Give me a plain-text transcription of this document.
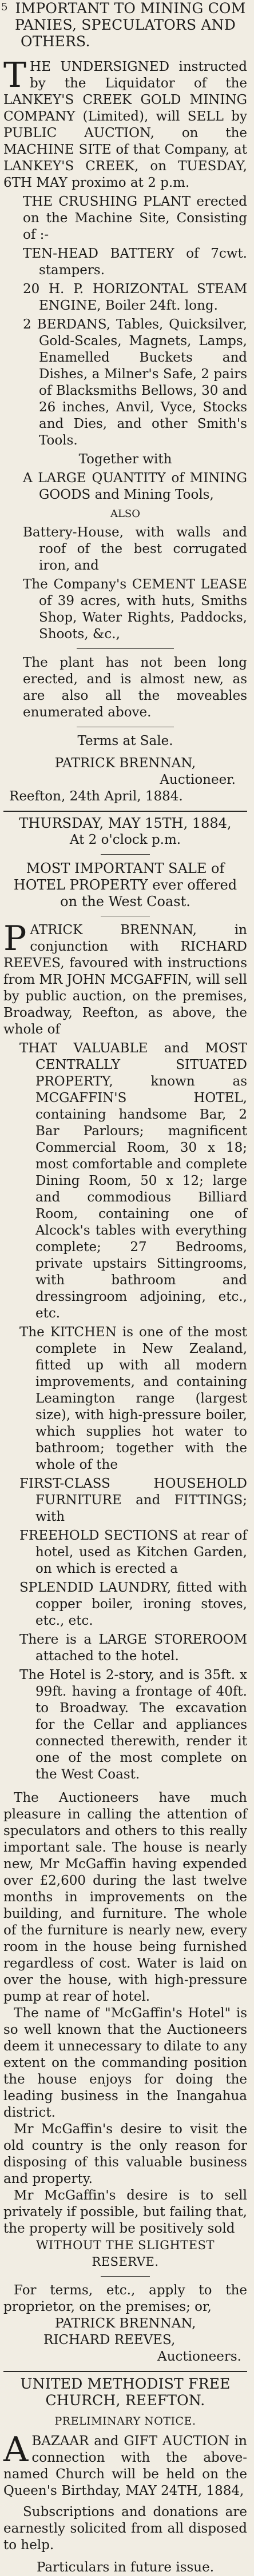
5 IMPORTANT TO MINING COM
PANIES, SPECULATORS AND
OTHERS.
T HE UNDERSIGNED instructed by the Liquidator of the LANKEY'S CREEK GOLD MINING COMPANY (Limited), will SELL by PUBLIC AUCTION, on the MACHINE SITE of that Company, at LANKEY'S CREEK, on TUESDAY, 6TH MAY proximo at 2 p.m.
THE CRUSHING PLANT erected on the Machine Site, Consisting of :-
TEN-HEAD BATTERY of 7cwt. stampers.
20 H. P. HORIZONTAL STEAM ENGINE, Boiler 24ft. long.
2 BERDANS, Tables, Quicksilver, Gold-Scales, Magnets, Lamps, Enamelled Buckets and Dishes, a Milner's Safe, 2 pairs of Blacksmiths Bellows, 30 and 26 inches, Anvil, Vyce, Stocks and Dies, and other Smith's Tools.
Together with
A LARGE QUANTITY of MINING GOODS and Mining Tools,
ALSO
Battery-House, with walls and roof of the best corrugated iron, and
The Company's CEMENT LEASE of 39 acres, with huts, Smiths Shop, Water Rights, Paddocks, Shoots, &c.,
The plant has not been long erected, and is almost new, as are also all the moveables enumerated above.
Terms at Sale.
PATRICK BRENNAN,
Auctioneer.
Reefton, 24th April, 1884.
THURSDAY, MAY 15TH, 1884,
At 2 o'clock p.m.
MOST IMPORTANT SALE of HOTEL PROPERTY ever offered on the West Coast.
P ATRICK BRENNAN, in conjunction with RICHARD REEVES, favoured with instructions from MR JOHN MCGAFFIN, will sell by public auction, on the premises, Broadway, Reefton, as above, the whole of
THAT VALUABLE and MOST CENTRALLY SITUATED PROPERTY, known as MCGAFFIN'S HOTEL, containing handsome Bar, 2 Bar Parlours; magnificent Commercial Room, 30 x 18; most comfortable and complete Dining Room, 50 x 12; large and commodious Billiard Room, containing one of Alcock's tables with everything complete; 27 Bedrooms, private upstairs Sittingrooms, with bathroom and dressingroom adjoining, etc., etc.
The KITCHEN is one of the most complete in New Zealand, fitted up with all modern improvements, and containing Leamington range (largest size), with high-pressure boiler, which supplies hot water to bathroom; together with the whole of the
FIRST-CLASS HOUSEHOLD FURNITURE and FITTINGS; with
FREEHOLD SECTIONS at rear of hotel, used as Kitchen Garden, on which is erected a
SPLENDID LAUNDRY, fitted with copper boiler, ironing stoves, etc., etc.
There is a LARGE STOREROOM attached to the hotel.
The Hotel is 2-story, and is 35ft. x 99ft. having a frontage of 40ft. to Broadway. The excavation for the Cellar and appliances connected therewith, render it one of the most complete on the West Coast.
The Auctioneers have much pleasure in calling the attention of speculators and others to this really important sale. The house is nearly new, Mr McGaffin having expended over £2,600 during the last twelve months in improvements on the building, and furniture. The whole of the furniture is nearly new, every room in the house being furnished regardless of cost. Water is laid on over the house, with high-pressure pump at rear of hotel.
The name of "McGaffin's Hotel" is so well known that the Auctioneers deem it unnecessary to dilate to any extent on the commanding position the house enjoys for doing the leading business in the Inangahua district.
Mr McGaffin's desire to visit the old country is the only reason for disposing of this valuable business and property.
Mr McGaffin's desire is to sell privately if possible, but failing that, the property will be positively sold
WITHOUT THE SLIGHTEST RESERVE.
For terms, etc., apply to the proprietor, on the premises; or,
PATRICK BRENNAN,
RICHARD REEVES,
Auctioneers.
UNITED METHODIST FREE
CHURCH, REEFTON.
PRELIMINARY NOTICE.
A BAZAAR and GIFT AUCTION in connection with the above-named Church will be held on the Queen's Birthday, MAY 24TH, 1884,
Subscriptions and donations are earnestly solicited from all disposed to help.
Particulars in future issue.
